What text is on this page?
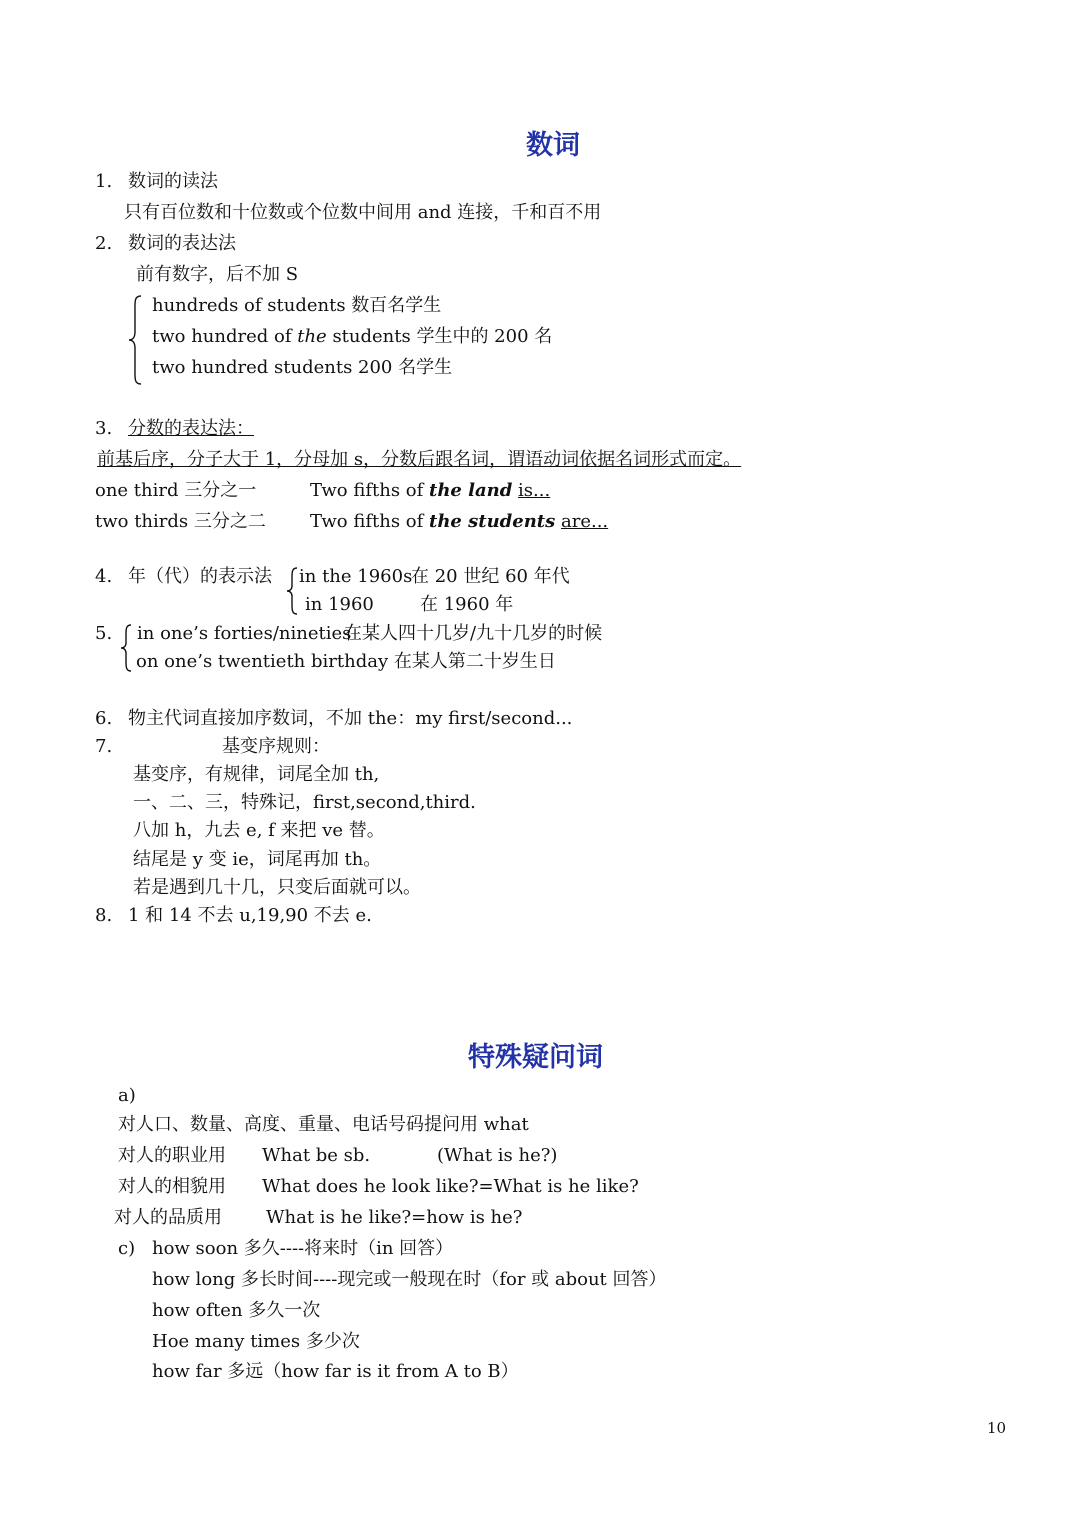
数词
1. 数词的读法
只有百位数和十位数或个位数中间用 and 连接，千和百不用
2. 数词的表达法
前有数字，后不加 S
hundreds of students 数百名学生
two hundred of the students 学生中的 200 名
two hundred students 200 名学生
3. 分数的表达法：
前基后序，分子大于 1，分母加 s，分数后跟名词，谓语动词依据名词形式而定。
one third 三分之一	Two fifths of the land is...
two thirds 三分之二 Two fifths of the students are...
4. 年（代）的表示法 in the 1960s
在 20 世纪 60 年代
in 1960	在 1960 年
5. in one’s forties/nineties
在某人四十几岁/九十几岁的时候
on one’s twentieth birthday 在某人第二十岁生日
6. 物主代词直接加序数词，不加 the：my first/second...
7.	基变序规则：
基变序，有规律，词尾全加 th,
一、二、三，特殊记，first,second,third.
八加 h，九去 e, f 来把 ve 替。
结尾是 y 变 ie，词尾再加 th。
若是遇到几十几，只变后面就可以。
8. 1 和 14 不去 u,19,90 不去 e.
特殊疑问词
a)
对人口、数量、高度、重量、电话号码提问用 what
对人的职业用 What be sb.	(What is he?)
对人的相貌用 What does he look like?=What is he like?
对人的品质用 What is he like?=how is he?
c) how soon 多久----将来时（in 回答）
how long 多长时间----现完或一般现在时（for 或 about 回答）
how often 多久一次
Hoe many times 多少次
how far 多远（how far is it from A to B）
10
